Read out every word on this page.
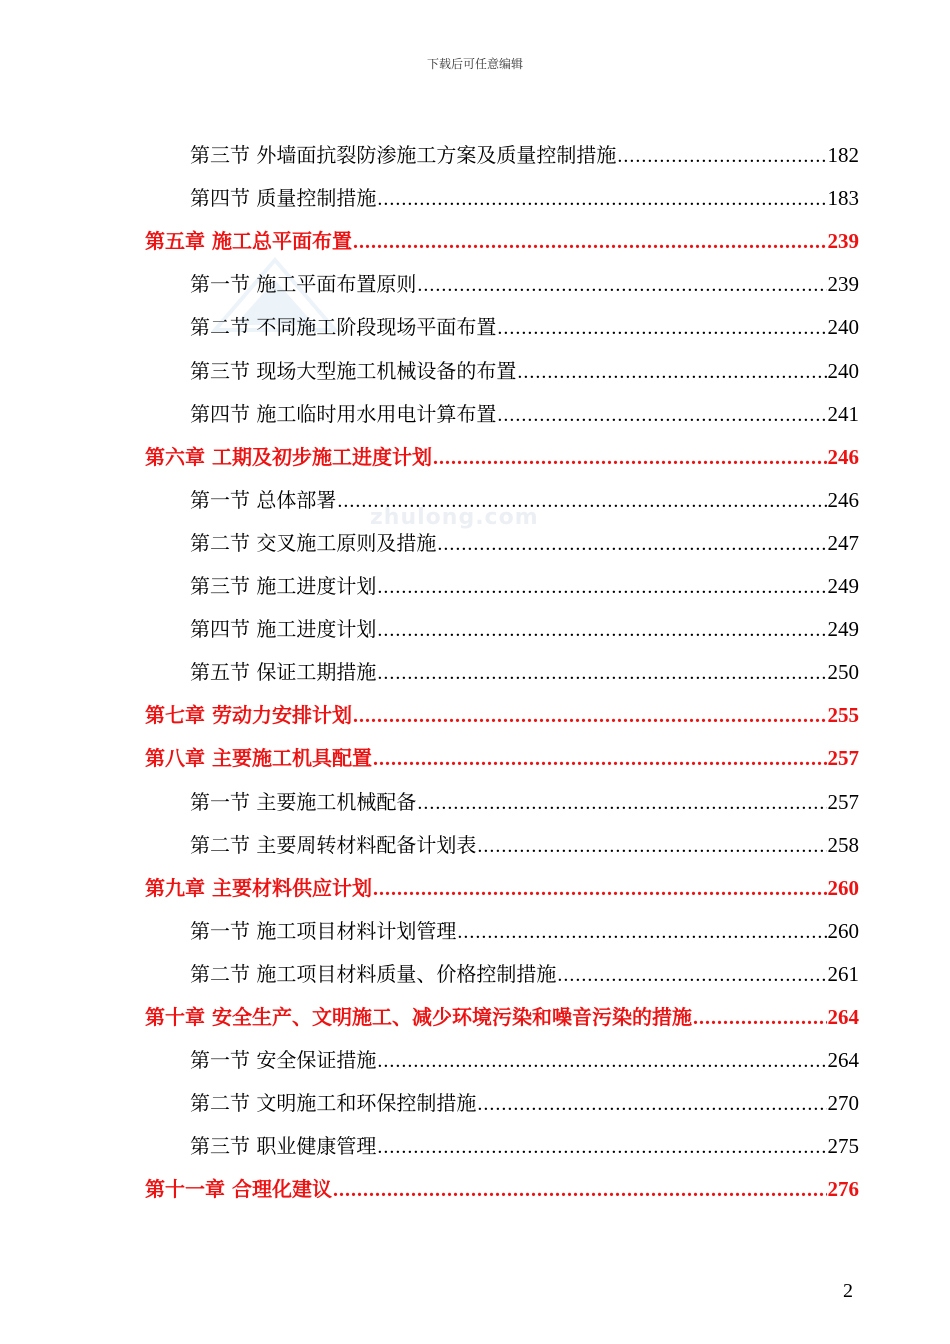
下载后可任意编辑
zhulong.com
第三节 外墙面抗裂防渗施工方案及质量控制措施 .....	182
第四节 质量控制措施 .....	183
第五章 施工总平面布置 .....	239
第一节 施工平面布置原则 .....	239
第二节 不同施工阶段现场平面布置 .....	240
第三节 现场大型施工机械设备的布置 .....	240
第四节 施工临时用水用电计算布置 .....	241
第六章 工期及初步施工进度计划 .....	246
第一节 总体部署 .....	246
第二节 交叉施工原则及措施 .....	247
第三节 施工进度计划 .....	249
第四节 施工进度计划 .....	249
第五节 保证工期措施 .....	250
第七章 劳动力安排计划 .....	255
第八章 主要施工机具配置 .....	257
第一节 主要施工机械配备 .....	257
第二节 主要周转材料配备计划表 .....	258
第九章 主要材料供应计划 .....	260
第一节 施工项目材料计划管理 .....	260
第二节 施工项目材料质量、价格控制措施 .....	261
第十章 安全生产、文明施工、减少环境污染和噪音污染的措施 .....	264
第一节 安全保证措施 .....	264
第二节 文明施工和环保控制措施 .....	270
第三节 职业健康管理 .....	275
第十一章 合理化建议 .....	276
2
